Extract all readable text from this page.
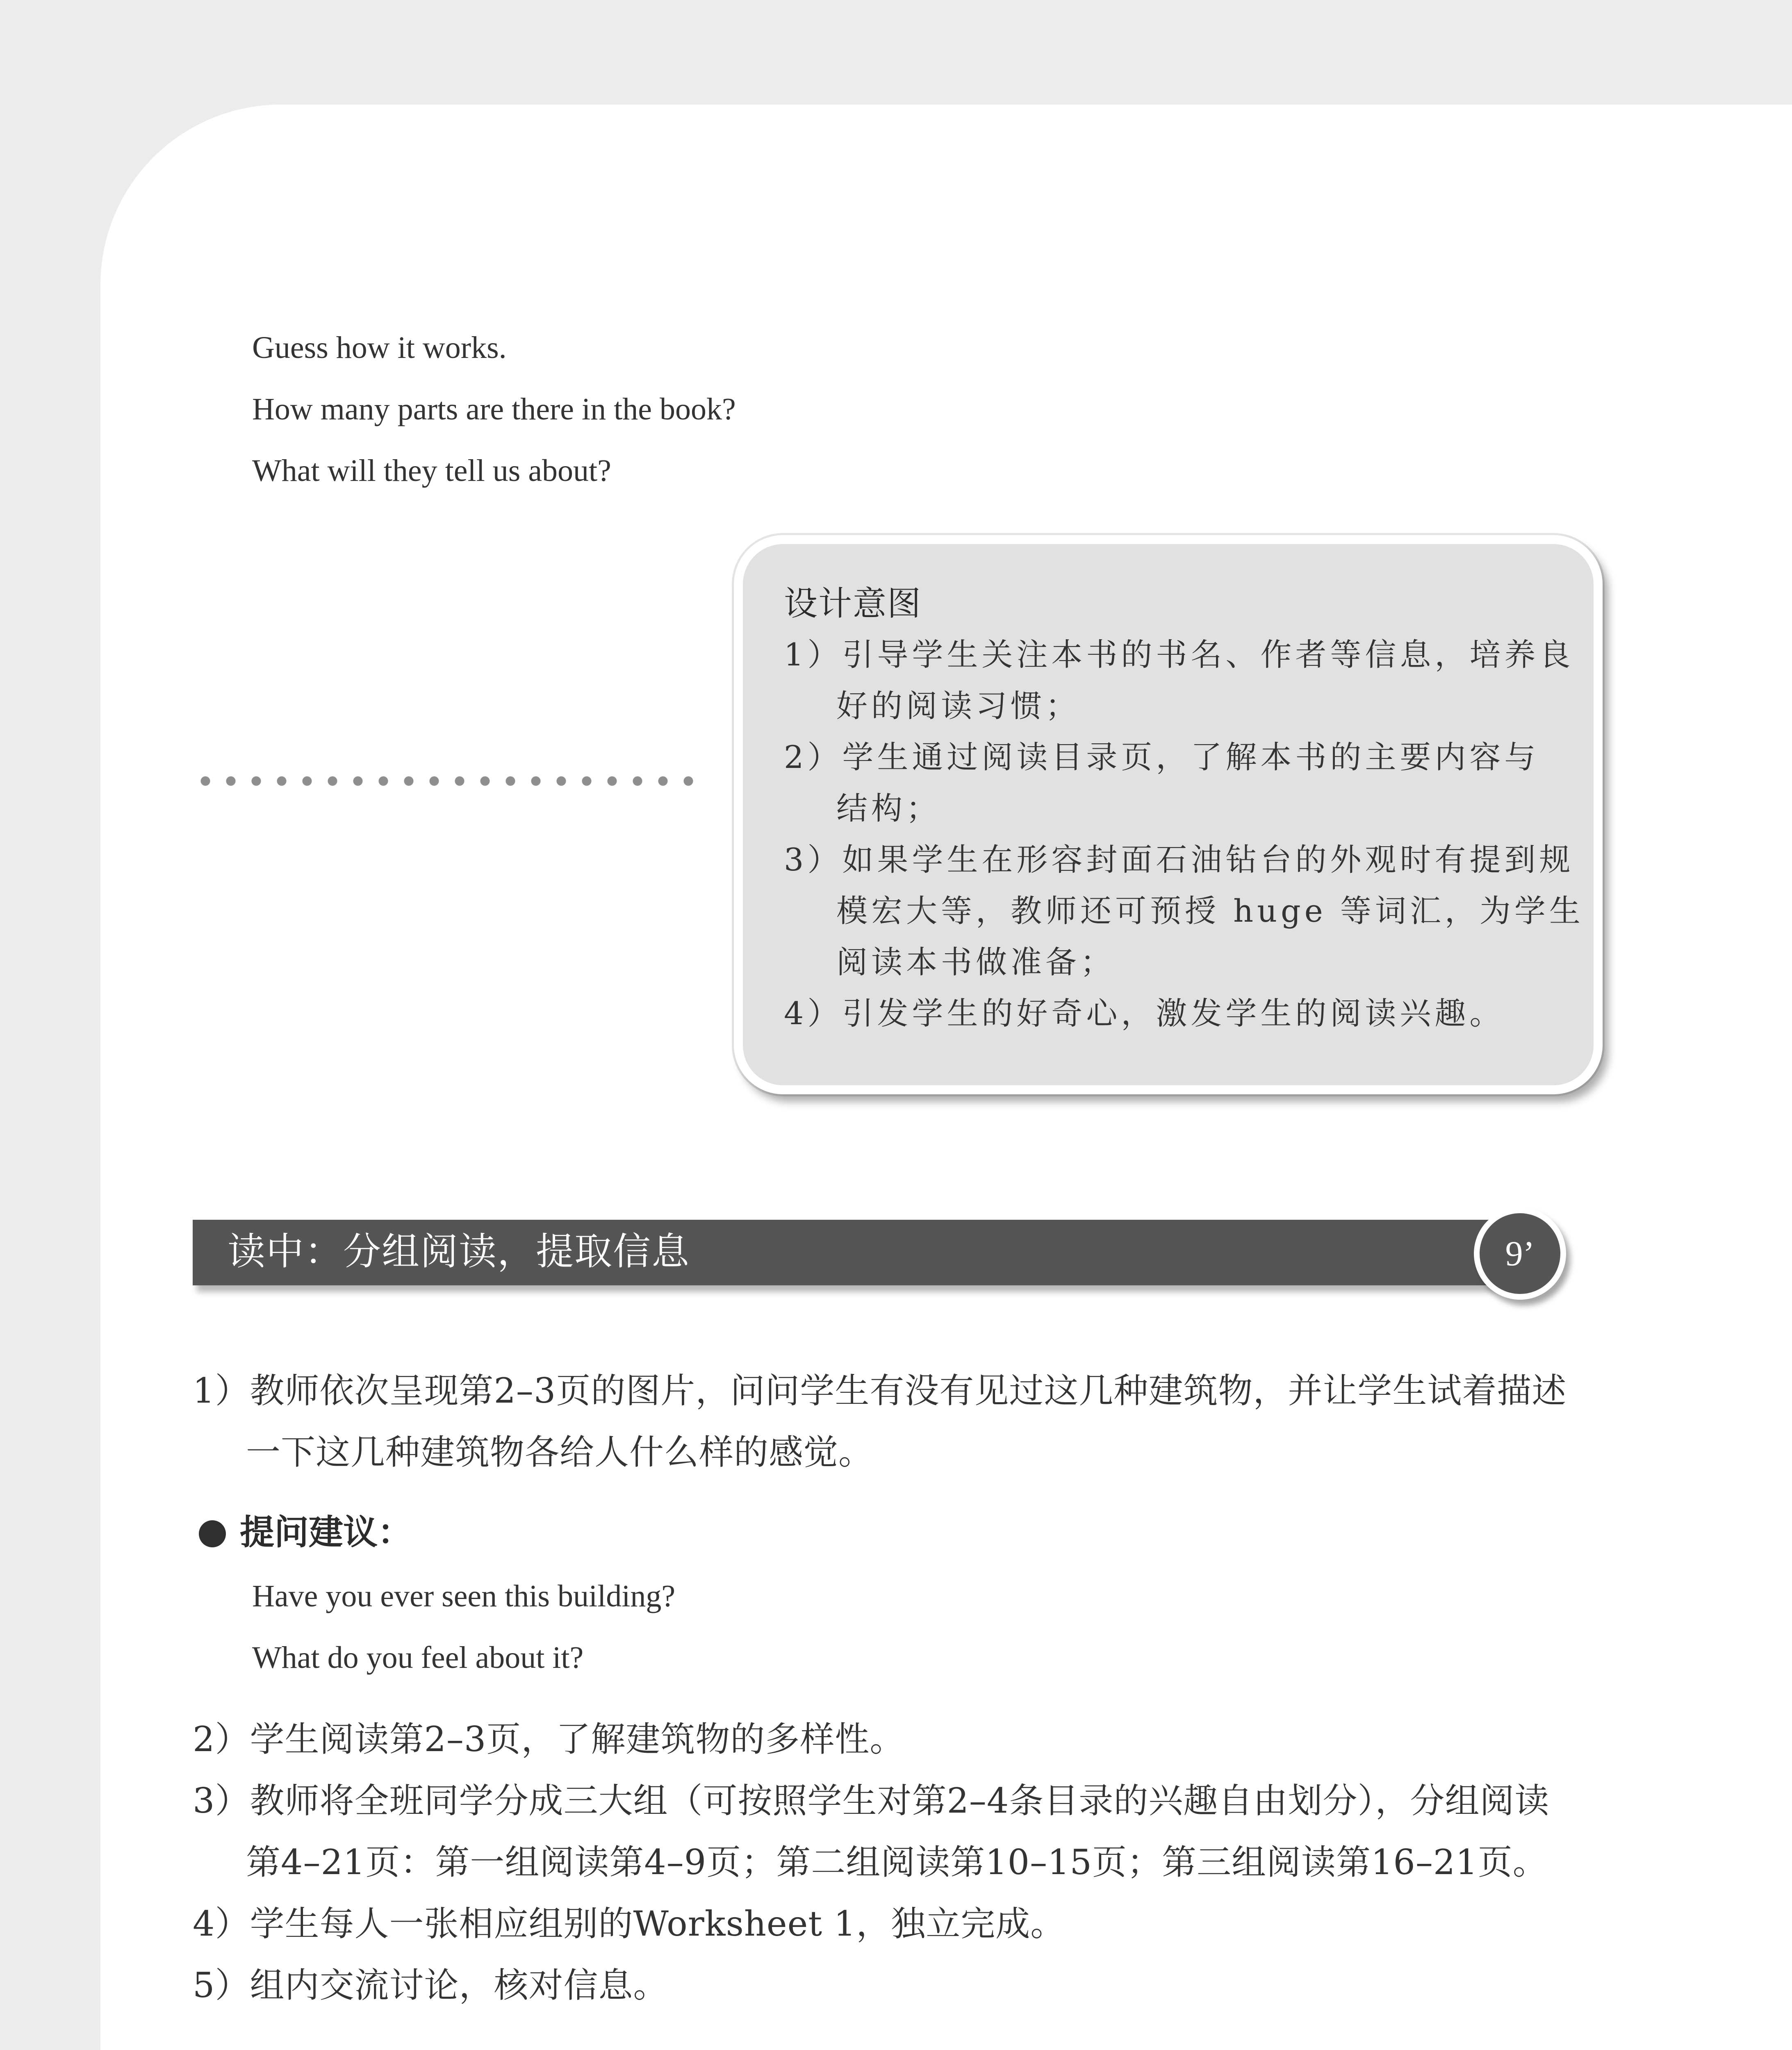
Guess how it works.
How many parts are there in the book?
What will they tell us about?
设计意图
1）引导学生关注本书的书名、作者等信息，培养良
好的阅读习惯；
2）学生通过阅读目录页，了解本书的主要内容与
结构；
3）如果学生在形容封面石油钻台的外观时有提到规
模宏大等，教师还可预授 huge 等词汇，为学生
阅读本书做准备；
4）引发学生的好奇心，激发学生的阅读兴趣。
读中：分组阅读，提取信息	9’
1）教师依次呈现第2–3页的图片，问问学生有没有见过这几种建筑物，并让学生试着描述
一下这几种建筑物各给人什么样的感觉。
提问建议：
Have you ever seen this building?
What do you feel about it?
2）学生阅读第2–3页，了解建筑物的多样性。
3）教师将全班同学分成三大组（可按照学生对第2–4条目录的兴趣自由划分），分组阅读
第4–21页：第一组阅读第4–9页；第二组阅读第10–15页；第三组阅读第16–21页。
4）学生每人一张相应组别的Worksheet 1，独立完成。
5）组内交流讨论，核对信息。
